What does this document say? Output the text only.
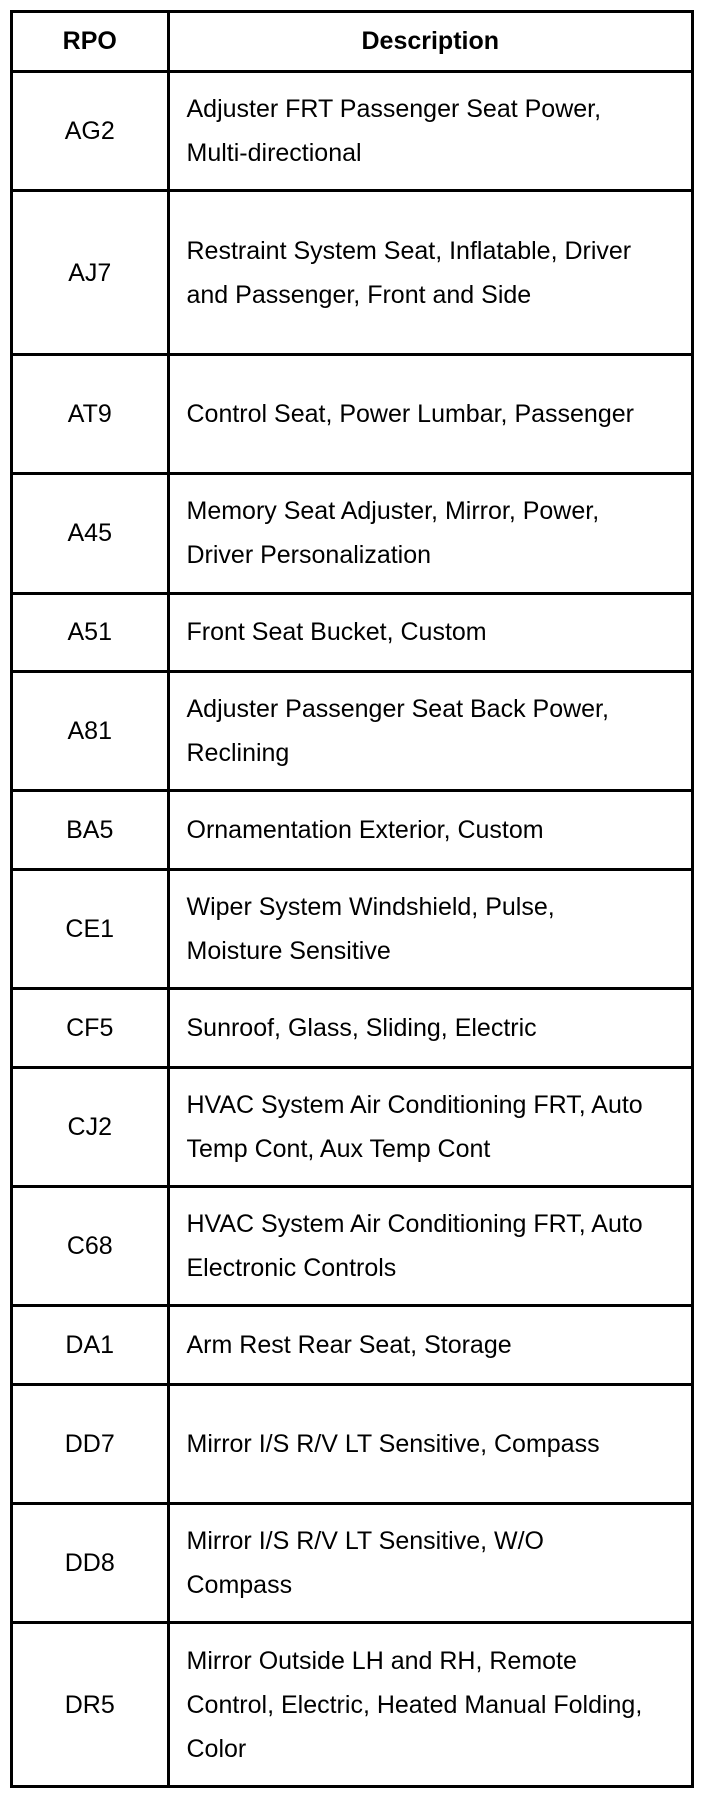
RPO	Description
AG2	Adjuster FRT Passenger Seat Power, Multi-directional
AJ7	Restraint System Seat, Inflatable, Driver and Passenger, Front and Side
AT9	Control Seat, Power Lumbar, Passenger
A45	Memory Seat Adjuster, Mirror, Power, Driver Personalization
A51	Front Seat Bucket, Custom
A81	Adjuster Passenger Seat Back Power, Reclining
BA5	Ornamentation Exterior, Custom
CE1	Wiper System Windshield, Pulse, Moisture Sensitive
CF5	Sunroof, Glass, Sliding, Electric
CJ2	HVAC System Air Conditioning FRT, Auto Temp Cont, Aux Temp Cont
C68	HVAC System Air Conditioning FRT, Auto Electronic Controls
DA1	Arm Rest Rear Seat, Storage
DD7	Mirror I/S R/V LT Sensitive, Compass
DD8	Mirror I/S R/V LT Sensitive, W/O Compass
DR5	Mirror Outside LH and RH, Remote Control, Electric, Heated Manual Folding, Color
